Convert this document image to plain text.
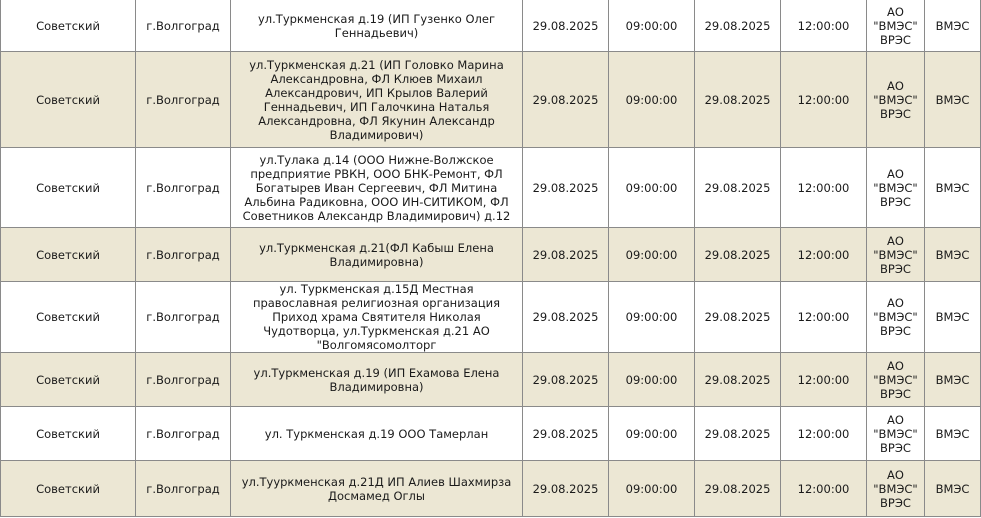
Советский	г.Волгоград	ул.Туркменская д.19 (ИП Гузенко Олег Геннадьевич)	29.08.2025	09:00:00	29.08.2025	12:00:00	АО "ВМЭС" ВРЭС	ВМЭС
Советский	г.Волгоград	ул.Туркменская д.21 (ИП Головко Марина Александровна, ФЛ Клюев Михаил Александрович, ИП Крылов Валерий Геннадьевич, ИП Галочкина Наталья Александровна, ФЛ Якунин Александр Владимирович)	29.08.2025	09:00:00	29.08.2025	12:00:00	АО "ВМЭС" ВРЭС	ВМЭС
Советский	г.Волгоград	ул.Тулака д.14 (ООО Нижне-Волжское предприятие РВКН, ООО БНК-Ремонт, ФЛ Богатырев Иван Сергеевич, ФЛ Митина Альбина Радиковна, ООО ИН-СИТИКОМ, ФЛ Советников Александр Владимирович) д.12	29.08.2025	09:00:00	29.08.2025	12:00:00	АО "ВМЭС" ВРЭС	ВМЭС
Советский	г.Волгоград	ул.Туркменская д.21(ФЛ Кабыш Елена Владимировна)	29.08.2025	09:00:00	29.08.2025	12:00:00	АО "ВМЭС" ВРЭС	ВМЭС
Советский	г.Волгоград	ул. Туркменская д.15Д Местная православная религиозная организация Приход храма Святителя Николая Чудотворца, ул.Туркменская д.21 АО "Волгомясомолторг	29.08.2025	09:00:00	29.08.2025	12:00:00	АО "ВМЭС" ВРЭС	ВМЭС
Советский	г.Волгоград	ул.Туркменская д.19 (ИП Ехамова Елена Владимировна)	29.08.2025	09:00:00	29.08.2025	12:00:00	АО "ВМЭС" ВРЭС	ВМЭС
Советский	г.Волгоград	ул. Туркменская д.19 ООО Тамерлан	29.08.2025	09:00:00	29.08.2025	12:00:00	АО "ВМЭС" ВРЭС	ВМЭС
Советский	г.Волгоград	ул.Тууркменская д.21Д ИП Алиев Шахмирза Досмамед Оглы	29.08.2025	09:00:00	29.08.2025	12:00:00	АО "ВМЭС" ВРЭС	ВМЭС
